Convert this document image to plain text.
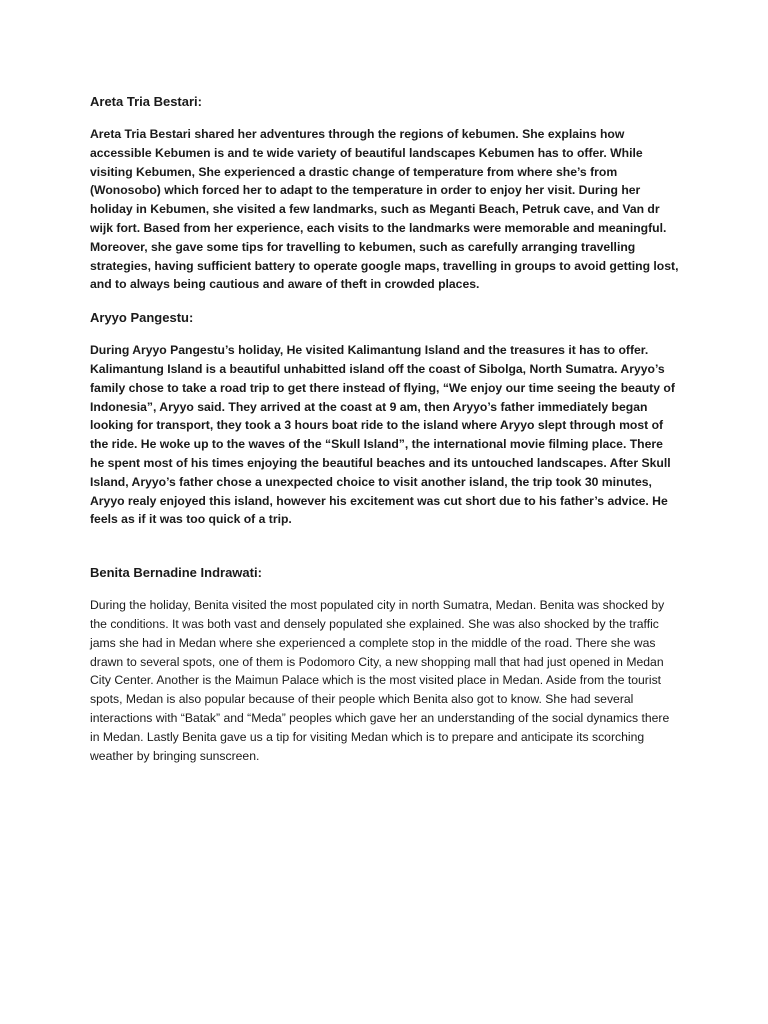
Areta Tria Bestari:

Areta Tria Bestari shared her adventures through the regions of kebumen. She explains how accessible Kebumen is and te wide variety of beautiful landscapes Kebumen has to offer. While visiting Kebumen, She experienced a drastic change of temperature from where she’s from (Wonosobo) which forced her to adapt to the temperature in order to enjoy her visit. During her holiday in Kebumen, she visited a few landmarks, such as Meganti Beach, Petruk cave, and Van dr wijk fort. Based from her experience, each visits to the landmarks were memorable and meaningful. Moreover, she gave some tips for travelling to kebumen, such as carefully arranging travelling strategies, having sufficient battery to operate google maps, travelling in groups to avoid getting lost, and to always being cautious and aware of theft in crowded places.

Aryyo Pangestu:

During Aryyo Pangestu’s holiday, He visited Kalimantung Island and the treasures it has to offer. Kalimantung Island is a beautiful unhabitted island off the coast of Sibolga, North Sumatra. Aryyo’s family chose to take a road trip to get there instead of flying, “We enjoy our time seeing the beauty of Indonesia”, Aryyo said. They arrived at the coast at 9 am, then Aryyo’s father immediately began looking for transport, they took a 3 hours boat ride to the island where Aryyo slept through most of the ride. He woke up to the waves of the “Skull Island”, the international movie filming place. There he spent most of his times enjoying the beautiful beaches and its untouched landscapes. After Skull Island, Aryyo’s father chose a unexpected choice to visit another island, the trip took 30 minutes, Aryyo realy enjoyed this island, however his excitement was cut short due to his father’s advice. He feels as if it was too quick of a trip.

Benita Bernadine Indrawati:

During the holiday, Benita visited the most populated city in north Sumatra, Medan. Benita was shocked by the conditions. It was both vast and densely populated she explained. She was also shocked by the traffic jams she had in Medan where she experienced a complete stop in the middle of the road. There she was drawn to several spots, one of them is Podomoro City, a new shopping mall that had just opened in Medan City Center. Another is the Maimun Palace which is the most visited place in Medan. Aside from the tourist spots, Medan is also popular because of their people which Benita also got to know. She had several interactions with “Batak” and “Meda” peoples which gave her an understanding of the social dynamics there in Medan. Lastly Benita gave us a tip for visiting Medan which is to prepare and anticipate its scorching weather by bringing sunscreen.
